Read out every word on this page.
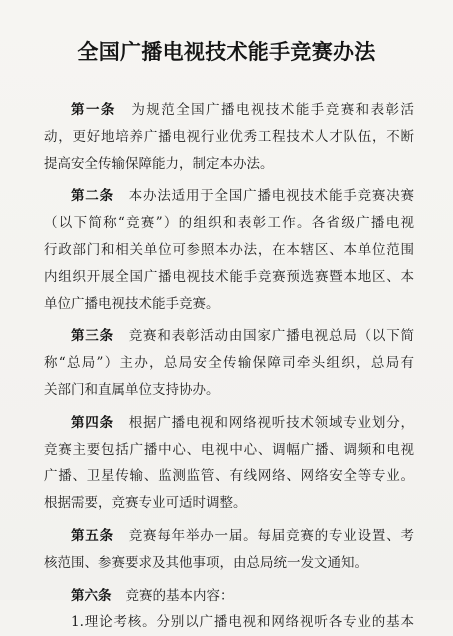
全国广播电视技术能手竞赛办法
第一条 为规范全国广播电视技术能手竞赛和表彰活
动，更好地培养广播电视行业优秀工程技术人才队伍，不断
提高安全传输保障能力，制定本办法。
第二条 本办法适用于全国广播电视技术能手竞赛决赛
（以下简称“竞赛”）的组织和表彰工作。各省级广播电视
行政部门和相关单位可参照本办法，在本辖区、本单位范围
内组织开展全国广播电视技术能手竞赛预选赛暨本地区、本
单位广播电视技术能手竞赛。
第三条 竞赛和表彰活动由国家广播电视总局（以下简
称“总局”）主办，总局安全传输保障司牵头组织，总局有
关部门和直属单位支持协办。
第四条 根据广播电视和网络视听技术领域专业划分，
竞赛主要包括广播中心、电视中心、调幅广播、调频和电视
广播、卫星传输、监测监管、有线网络、网络安全等专业。
根据需要，竞赛专业可适时调整。
第五条 竞赛每年举办一届。每届竞赛的专业设置、考
核范围、参赛要求及其他事项，由总局统一发文通知。
第六条 竞赛的基本内容：
1.理论考核。分别以广播电视和网络视听各专业的基本
